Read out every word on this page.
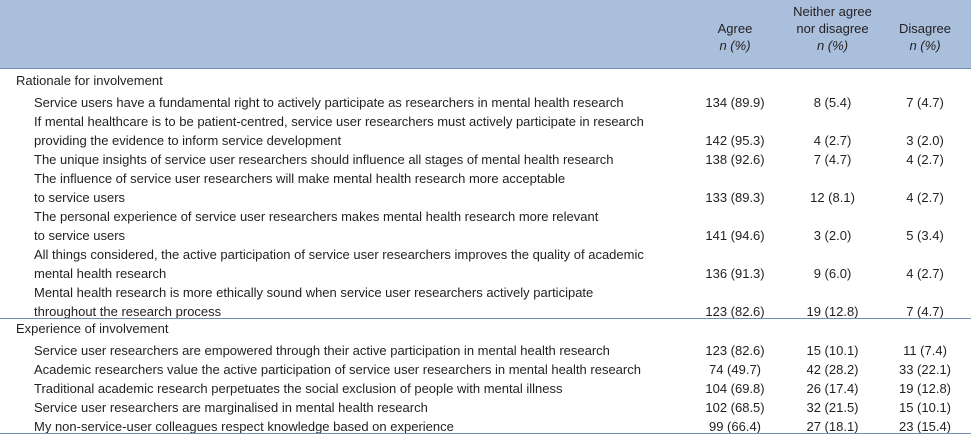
Agree
n (%)
Neither agree
nor disagree
n (%)
Disagree
n (%)
Rationale for involvement
Service users have a fundamental right to actively participate as researchers in mental health research	134 (89.9)	8 (5.4)	7 (4.7)
If mental healthcare is to be patient-centred, service user researchers must actively participate in research
providing the evidence to inform service development	142 (95.3)	4 (2.7)	3 (2.0)
The unique insights of service user researchers should influence all stages of mental health research	138 (92.6)	7 (4.7)	4 (2.7)
The influence of service user researchers will make mental health research more acceptable
to service users	133 (89.3)	12 (8.1)	4 (2.7)
The personal experience of service user researchers makes mental health research more relevant
to service users	141 (94.6)	3 (2.0)	5 (3.4)
All things considered, the active participation of service user researchers improves the quality of academic
mental health research	136 (91.3)	9 (6.0)	4 (2.7)
Mental health research is more ethically sound when service user researchers actively participate
throughout the research process	123 (82.6)	19 (12.8)	7 (4.7)
Experience of involvement
Service user researchers are empowered through their active participation in mental health research	123 (82.6)	15 (10.1)	11 (7.4)
Academic researchers value the active participation of service user researchers in mental health research	74 (49.7)	42 (28.2)	33 (22.1)
Traditional academic research perpetuates the social exclusion of people with mental illness	104 (69.8)	26 (17.4)	19 (12.8)
Service user researchers are marginalised in mental health research	102 (68.5)	32 (21.5)	15 (10.1)
My non-service-user colleagues respect knowledge based on experience	99 (66.4)	27 (18.1)	23 (15.4)
